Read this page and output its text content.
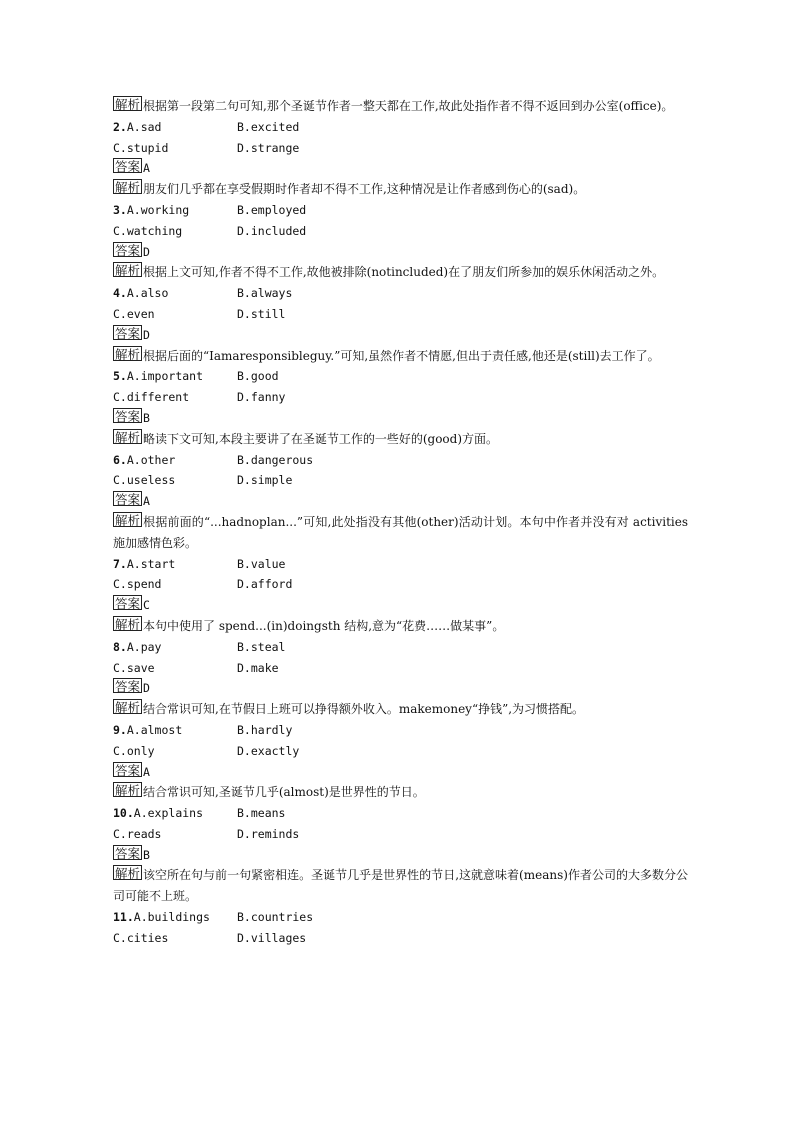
解析 根据第一段第二句可知,那个圣诞节作者一整天都在工作,故此处指作者不得不返回到办公室(office)。
2.A.sad	B.excited
C.stupid	D.strange
答案 A
解析 朋友们几乎都在享受假期时作者却不得不工作,这种情况是让作者感到伤心的(sad)。
3.A.working	B.employed
C.watching	D.included
答案 D
解析 根据上文可知,作者不得不工作,故他被排除(notincluded)在了朋友们所参加的娱乐休闲活动之外。
4.A.also	B.always
C.even	D.still
答案 D
解析 根据后面的“Iamaresponsibleguy.”可知,虽然作者不情愿,但出于责任感,他还是(still)去工作了。
5.A.important	B.good
C.different	D.fanny
答案 B
解析 略读下文可知,本段主要讲了在圣诞节工作的一些好的(good)方面。
6.A.other	B.dangerous
C.useless	D.simple
答案 A
解析 根据前面的“...hadnoplan...”可知,此处指没有其他(other)活动计划。本句中作者并没有对 activities 施加感情色彩。
7.A.start	B.value
C.spend	D.afford
答案 C
解析 本句中使用了 spend...(in)doingsth 结构,意为“花费……做某事”。
8.A.pay	B.steal
C.save	D.make
答案 D
解析 结合常识可知,在节假日上班可以挣得额外收入。makemoney“挣钱”,为习惯搭配。
9.A.almost	B.hardly
C.only	D.exactly
答案 A
解析 结合常识可知,圣诞节几乎(almost)是世界性的节日。
10.A.explains	B.means
C.reads	D.reminds
答案 B
解析 该空所在句与前一句紧密相连。圣诞节几乎是世界性的节日,这就意味着(means)作者公司的大多数分公司可能不上班。
11.A.buildings B.countries
C.cities	D.villages
